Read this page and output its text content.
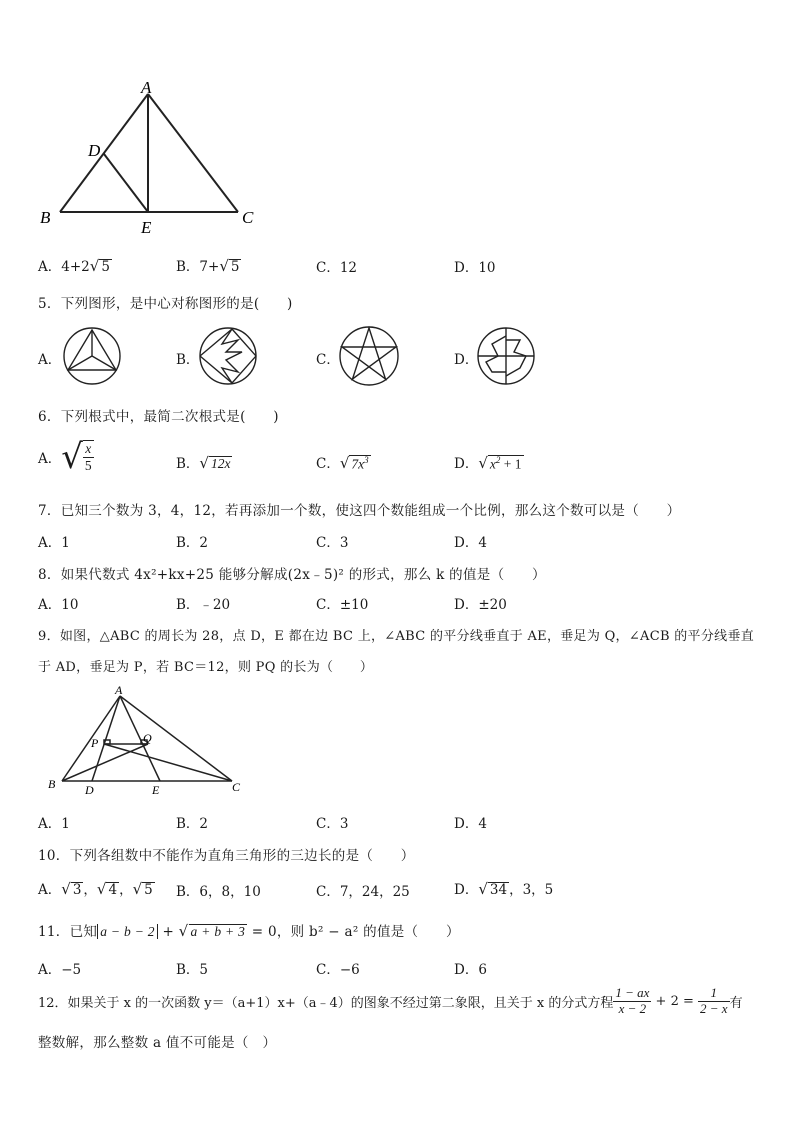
A
D
B
E
C
A．4+2√ 5	B．7+√ 5	C．12	D．10
5．下列图形，是中心对称图形的是(　　)
A．	B．	C．	D．
6．下列根式中，最简二次根式是(　　)
A．√ $\frac{x}{5}$	B．√ 12x	C．√ $7x^3$	D．√ $x^2 + 1$
7．已知三个数为 3，4，12，若再添加一个数，使这四个数能组成一个比例，那么这个数可以是（　　）
A．1	B．2	C．3	D．4
8．如果代数式 4x²+kx+25 能够分解成(2x﹣5)² 的形式，那么 k 的值是（　　）
A．10	B．﹣20	C．±10	D．±20
9．如图，△ABC 的周长为 28，点 D，E 都在边 BC 上，∠ABC 的平分线垂直于 AE，垂足为 Q，∠ACB 的平分线垂直
于 AD，垂足为 P，若 BC＝12，则 PQ 的长为（　　）
A
P	Q
B D	E	C
A．1	B．2	C．3	D．4
10．下列各组数中不能作为直角三角形的三边长的是（　　）
A．√ 3 ，√ 4 ，√ 5 B．6，8，10	C．7，24，25	D．√ 34 ，3，5
11．已知 a − b − 2 + √ a + b + 3 = 0，则 b² − a² 的值是（　　）
A．−5	B．5	C．−6	D．6
12．如果关于 x 的一次函数 y＝（a+1）x+（a﹣4）的图象不经过第二象限，且关于 x 的分式方程 $\frac{1 - ax}{x - 2} + 2 = \frac{1}{2 - x}$ 有
整数解，那么整数 a 值不可能是（　）
